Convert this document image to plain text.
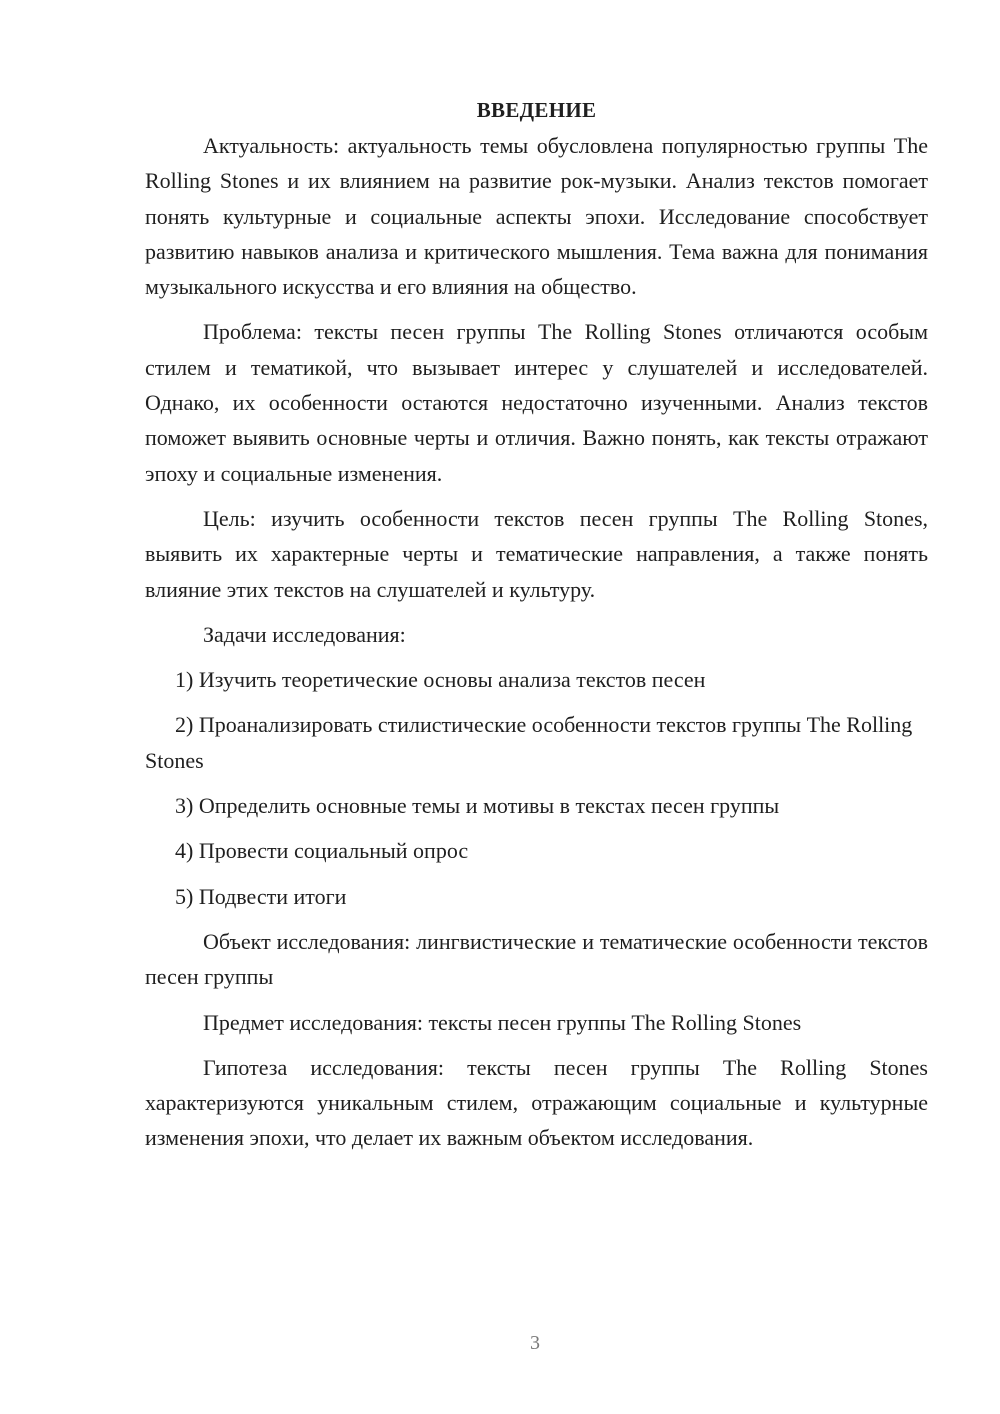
ВВЕДЕНИЕ

Актуальность: актуальность темы обусловлена популярностью группы The Rolling Stones и их влиянием на развитие рок-музыки. Анализ текстов помогает понять культурные и социальные аспекты эпохи. Исследование способствует развитию навыков анализа и критического мышления. Тема важна для понимания музыкального искусства и его влияния на общество.

Проблема: тексты песен группы The Rolling Stones отличаются особым стилем и тематикой, что вызывает интерес у слушателей и исследователей. Однако, их особенности остаются недостаточно изученными. Анализ текстов поможет выявить основные черты и отличия. Важно понять, как тексты отражают эпоху и социальные изменения.

Цель: изучить особенности текстов песен группы The Rolling Stones, выявить их характерные черты и тематические направления, а также понять влияние этих текстов на слушателей и культуру.

Задачи исследования:

1) Изучить теоретические основы анализа текстов песен

2) Проанализировать стилистические особенности текстов группы The Rolling Stones

3) Определить основные темы и мотивы в текстах песен группы

4) Провести социальный опрос

5) Подвести итоги

Объект исследования: лингвистические и тематические особенности текстов песен группы

Предмет исследования: тексты песен группы The Rolling Stones

Гипотеза исследования: тексты песен группы The Rolling Stones характеризуются уникальным стилем, отражающим социальные и культурные изменения эпохи, что делает их важным объектом исследования.

3
